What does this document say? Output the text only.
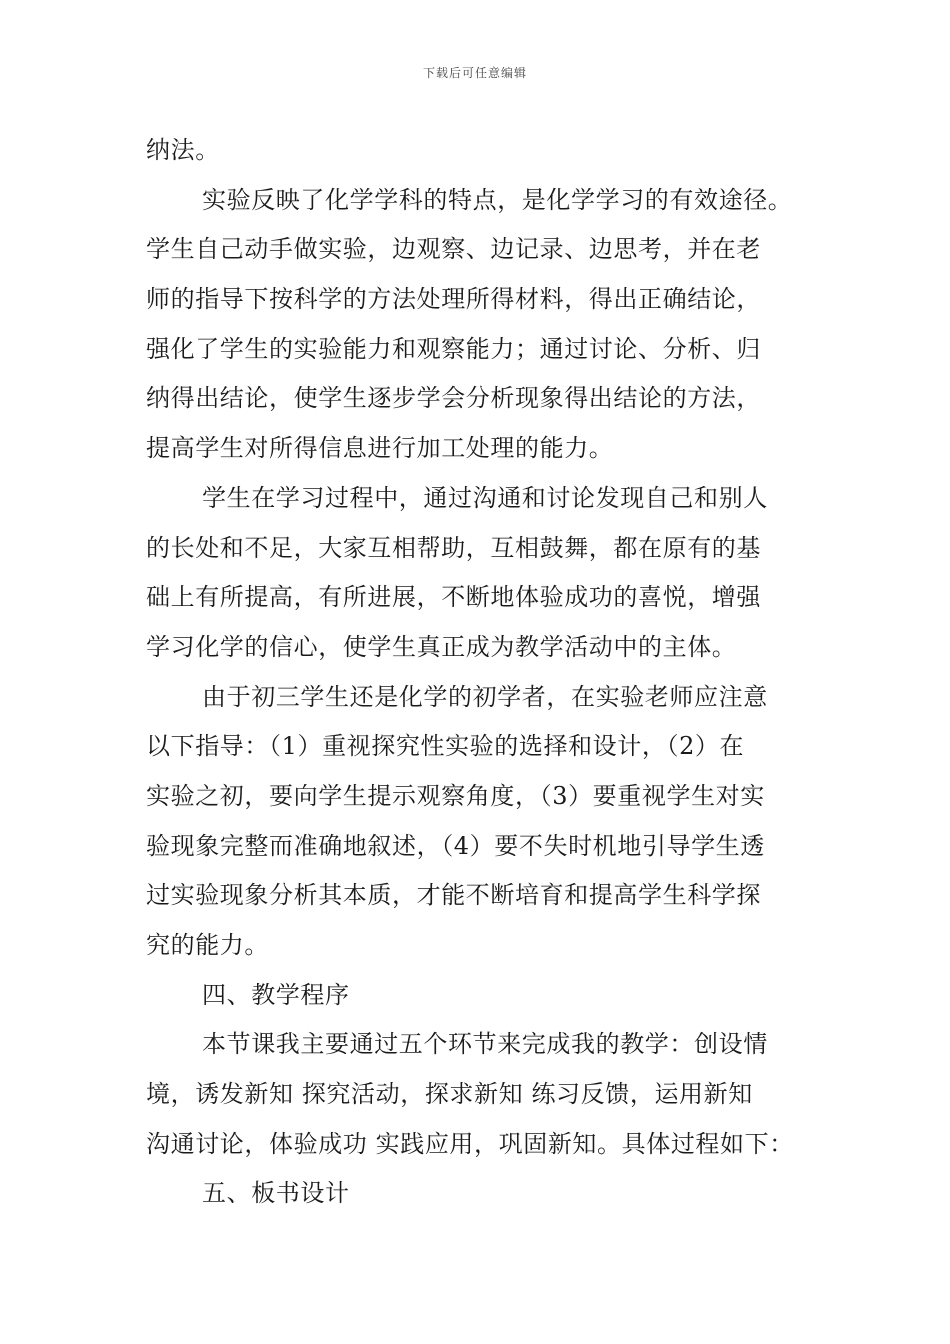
下载后可任意编辑
纳法。
实验反映了化学学科的特点，是化学学习的有效途径。
学生自己动手做实验，边观察、边记录、边思考，并在老
师的指导下按科学的方法处理所得材料，得出正确结论，
强化了学生的实验能力和观察能力；通过讨论、分析、归
纳得出结论，使学生逐步学会分析现象得出结论的方法，
提高学生对所得信息进行加工处理的能力。
学生在学习过程中，通过沟通和讨论发现自己和别人
的长处和不足，大家互相帮助，互相鼓舞，都在原有的基
础上有所提高，有所进展，不断地体验成功的喜悦，增强
学习化学的信心，使学生真正成为教学活动中的主体。
由于初三学生还是化学的初学者，在实验老师应注意
以下指导：（1）重视探究性实验的选择和设计，（2）在
实验之初，要向学生提示观察角度，（3）要重视学生对实
验现象完整而准确地叙述，（4）要不失时机地引导学生透
过实验现象分析其本质，才能不断培育和提高学生科学探
究的能力。
四、教学程序
本节课我主要通过五个环节来完成我的教学：创设情
境，诱发新知 探究活动，探求新知 练习反馈，运用新知
沟通讨论，体验成功 实践应用，巩固新知。具体过程如下：
五、板书设计
